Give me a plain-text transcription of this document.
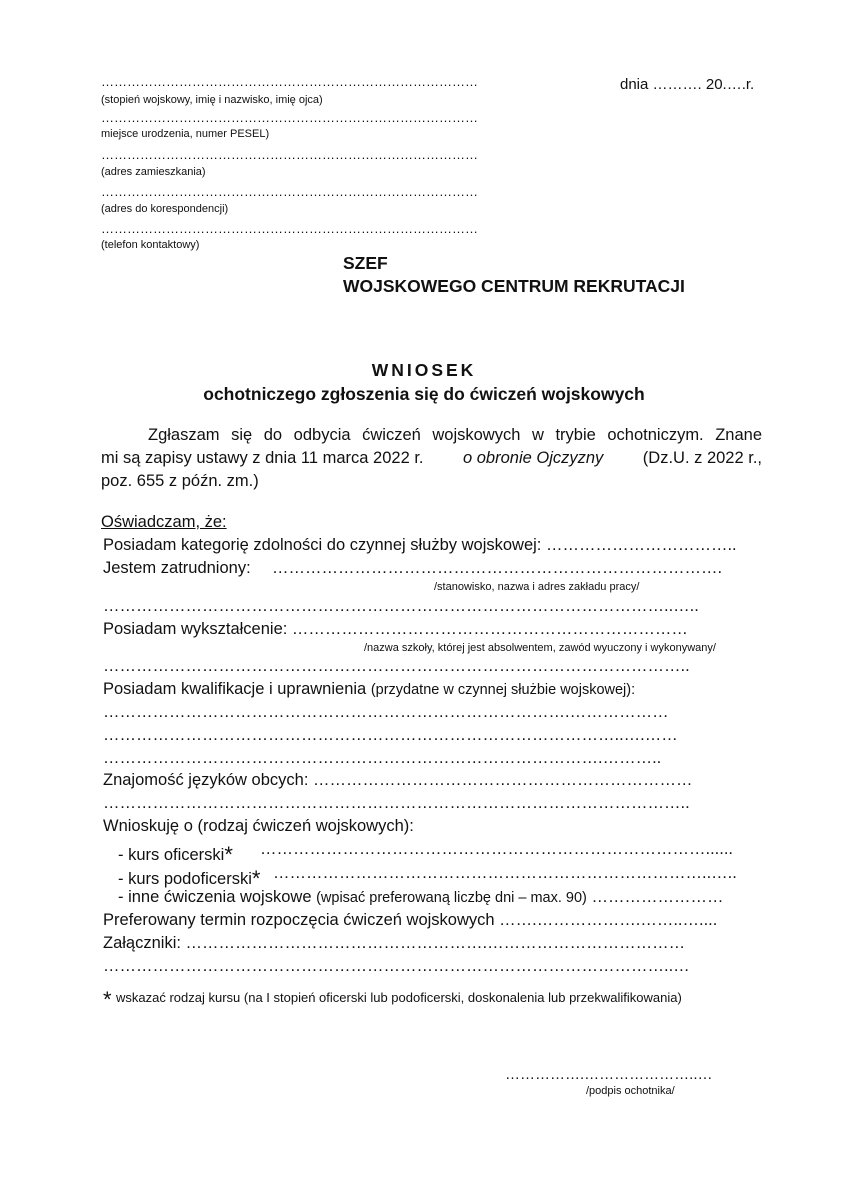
……………………………………………………………………………
(stopień wojskowy, imię i nazwisko, imię ojca)
……………………………………………………………………………
miejsce urodzenia, numer PESEL)
……………………………………………………………………………
(adres zamieszkania)
……………………………………………………………………………
(adres do korespondencji)
……………………………………………………………………………
(telefon kontaktowy)
dnia ………. 20.….r.
SZEF
WOJSKOWEGO CENTRUM REKRUTACJI
WNIOSEK
ochotniczego zgłoszenia się do ćwiczeń wojskowych
Zgłaszam się do odbycia ćwiczeń wojskowych w trybie ochotniczym. Znane
mi są zapisy ustawy z dnia 11 marca 2022 r. o obronie Ojczyzny (Dz.U. z 2022 r.,
poz. 655 z późn. zm.)
Oświadczam, że:
Posiadam kategorię zdolności do czynnej służby wojskowej: ……………………………..
Jestem zatrudniony: ……………………………………………………………………….
/stanowisko, nazwa i adres zakładu pracy/
…………………………………………………………………………………………..…..
Posiadam wykształcenie: ………………………………………………………………
/nazwa szkoły, której jest absolwentem, zawód wyuczony i wykonywany/
……………………………………………………………………………………………..
Posiadam kwalifikacje i uprawnienia (przydatne w czynnej służbie wojskowej):
………………………………………………………………………….………………
…………………………………………………………………………………..….……
……………………………………………………………………………….………..
Znajomość języków obcych: ……………………………………………………………
……………………………………………………………………………………………..
Wnioskuję o (rodzaj ćwiczeń wojskowych):
- kurs oficerski* ………………………………………………………………………......
- kurs podoficerski* ……………………………………………………………………..…..
- inne ćwiczenia wojskowe (wpisać preferowaną liczbę dni – max. 90) ……………………
Preferowany termin rozpoczęcia ćwiczeń wojskowych …….……………….……..…....
Załączniki: ……………………………………………….………………………………
…………………………………………………………………………………………..…
* wskazać rodzaj kursu (na I stopień oficerski lub podoficerski, doskonalenia lub przekwalifikowania)
…………….…………………..…
/podpis ochotnika/
